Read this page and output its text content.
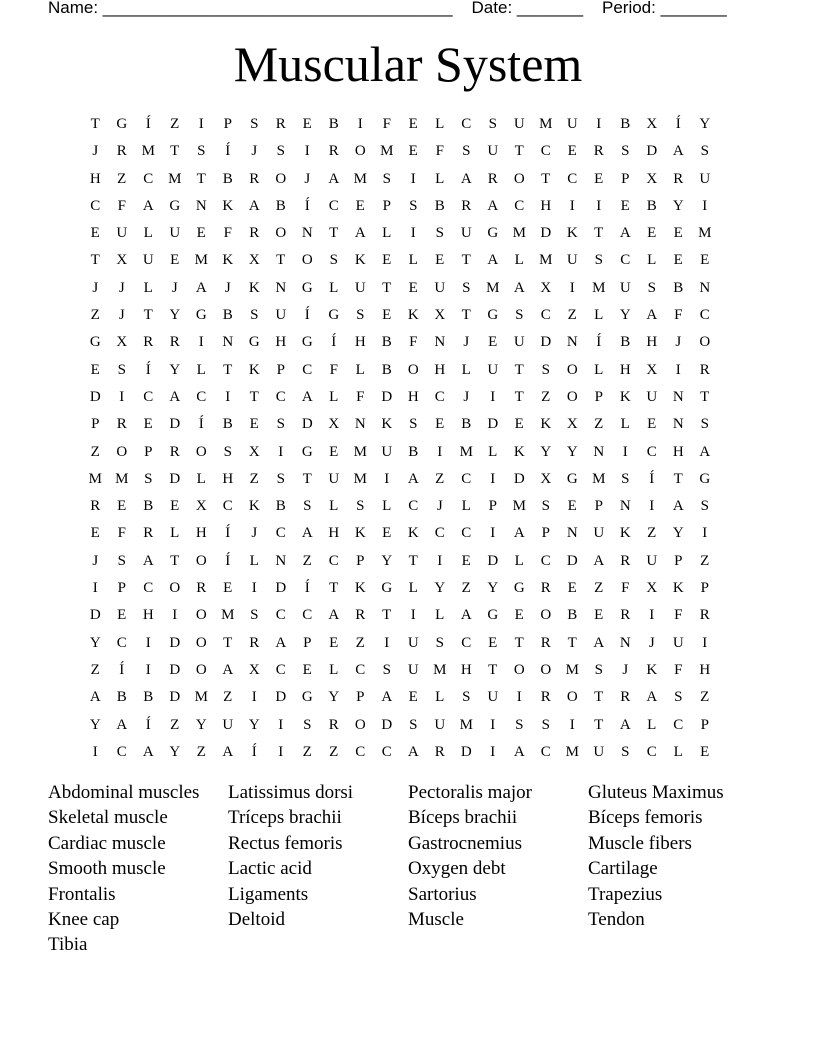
Name: _____________________________________ Date: _______ Period: _______
Muscular System
T	G	Í	Z	I	P	S	R	E	B	I	F	E	L	C	S	U M U	I	B	X	Í	Y
J	R M	T	S	Í	J	S	I	R	O M	E	F	S	U	T	C	E	R	S	D	A	S
H	Z	C M	T	B	R	O	J	A M	S	I	L	A	R	O	T	C	E	P	X	R	U
C	F	A	G	N	K	A	B	Í	C	E	P	S	B	R	A	C	H	I	I	E	B	Y	I
E	U	L	U	E	F	R	O	N	T	A	L	I	S	U	G M D	K	T	A	E	E	M
T	X	U	E	M K	X	T	O	S	K	E	L	E	T	A	L	M U	S	C	L	E	E
J	J	L	J	A	J	K	N	G	L	U	T	E	U	S	M A	X	I	M U	S	B	N
Z	J	T	Y	G	B	S	U	Í	G	S	E	K	X	T	G	S	C	Z	L	Y	A	F	C
G	X	R	R	I	N	G	H	G	Í	H	B	F	N	J	E	U	D	N	Í	B	H	J	O
E	S	Í	Y	L	T	K	P	C	F	L	B	O	H	L	U	T	S	O	L	H	X	I	R
D	I	C	A	C	I	T	C	A	L	F	D	H	C	J	I	T	Z	O	P	K	U	N	T
P	R	E	D	Í	B	E	S	D	X	N	K	S	E	B	D	E	K	X	Z	L	E	N	S
Z	O	P	R	O	S	X	I	G	E	M U	B	I	M	L	K	Y	Y	N	I	C	H	A
M M	S	D	L	H	Z	S	T	U M	I	A	Z	C	I	D	X	G M	S	Í	T	G
R	E	B	E	X	C	K	B	S	L	S	L	C	J	L	P	M	S	E	P	N	I	A	S
E	F	R	L	H	Í	J	C	A	H	K	E	K	C	C	I	A	P	N	U	K	Z	Y	I
J	S	A	T	O	Í	L	N	Z	C	P	Y	T	I	E	D	L	C	D	A	R	U	P	Z
I	P	C	O	R	E	I	D	Í	T	K	G	L	Y	Z	Y	G	R	E	Z	F	X	K	P
D	E	H	I	O M	S	C	C	A	R	T	I	L	A	G	E	O	B	E	R	I	F	R
Y	C	I	D	O	T	R	A	P	E	Z	I	U	S	C	E	T	R	T	A	N	J	U	I
Z	Í	I	D	O	A	X	C	E	L	C	S	U M H	T	O	O M	S	J	K	F	H
A	B	B	D M	Z	I	D	G	Y	P	A	E	L	S	U	I	R	O	T	R	A	S	Z
Y	A	Í	Z	Y	U	Y	I	S	R	O	D	S	U M	I	S	S	I	T	A	L	C	P
I	C	A	Y	Z	A	Í	I	Z	Z	C	C	A	R	D	I	A	C M U	S	C	L	E
Abdominal muscles	Latissimus dorsi	Pectoralis major	Gluteus Maximus
Skeletal muscle	Tríceps brachii	Bíceps brachii	Bíceps femoris
Cardiac muscle	Rectus femoris	Gastrocnemius	Muscle fibers
Smooth muscle	Lactic acid	Oxygen debt	Cartilage
Frontalis	Ligaments	Sartorius	Trapezius
Knee cap	Deltoid	Muscle	Tendon
Tibia
